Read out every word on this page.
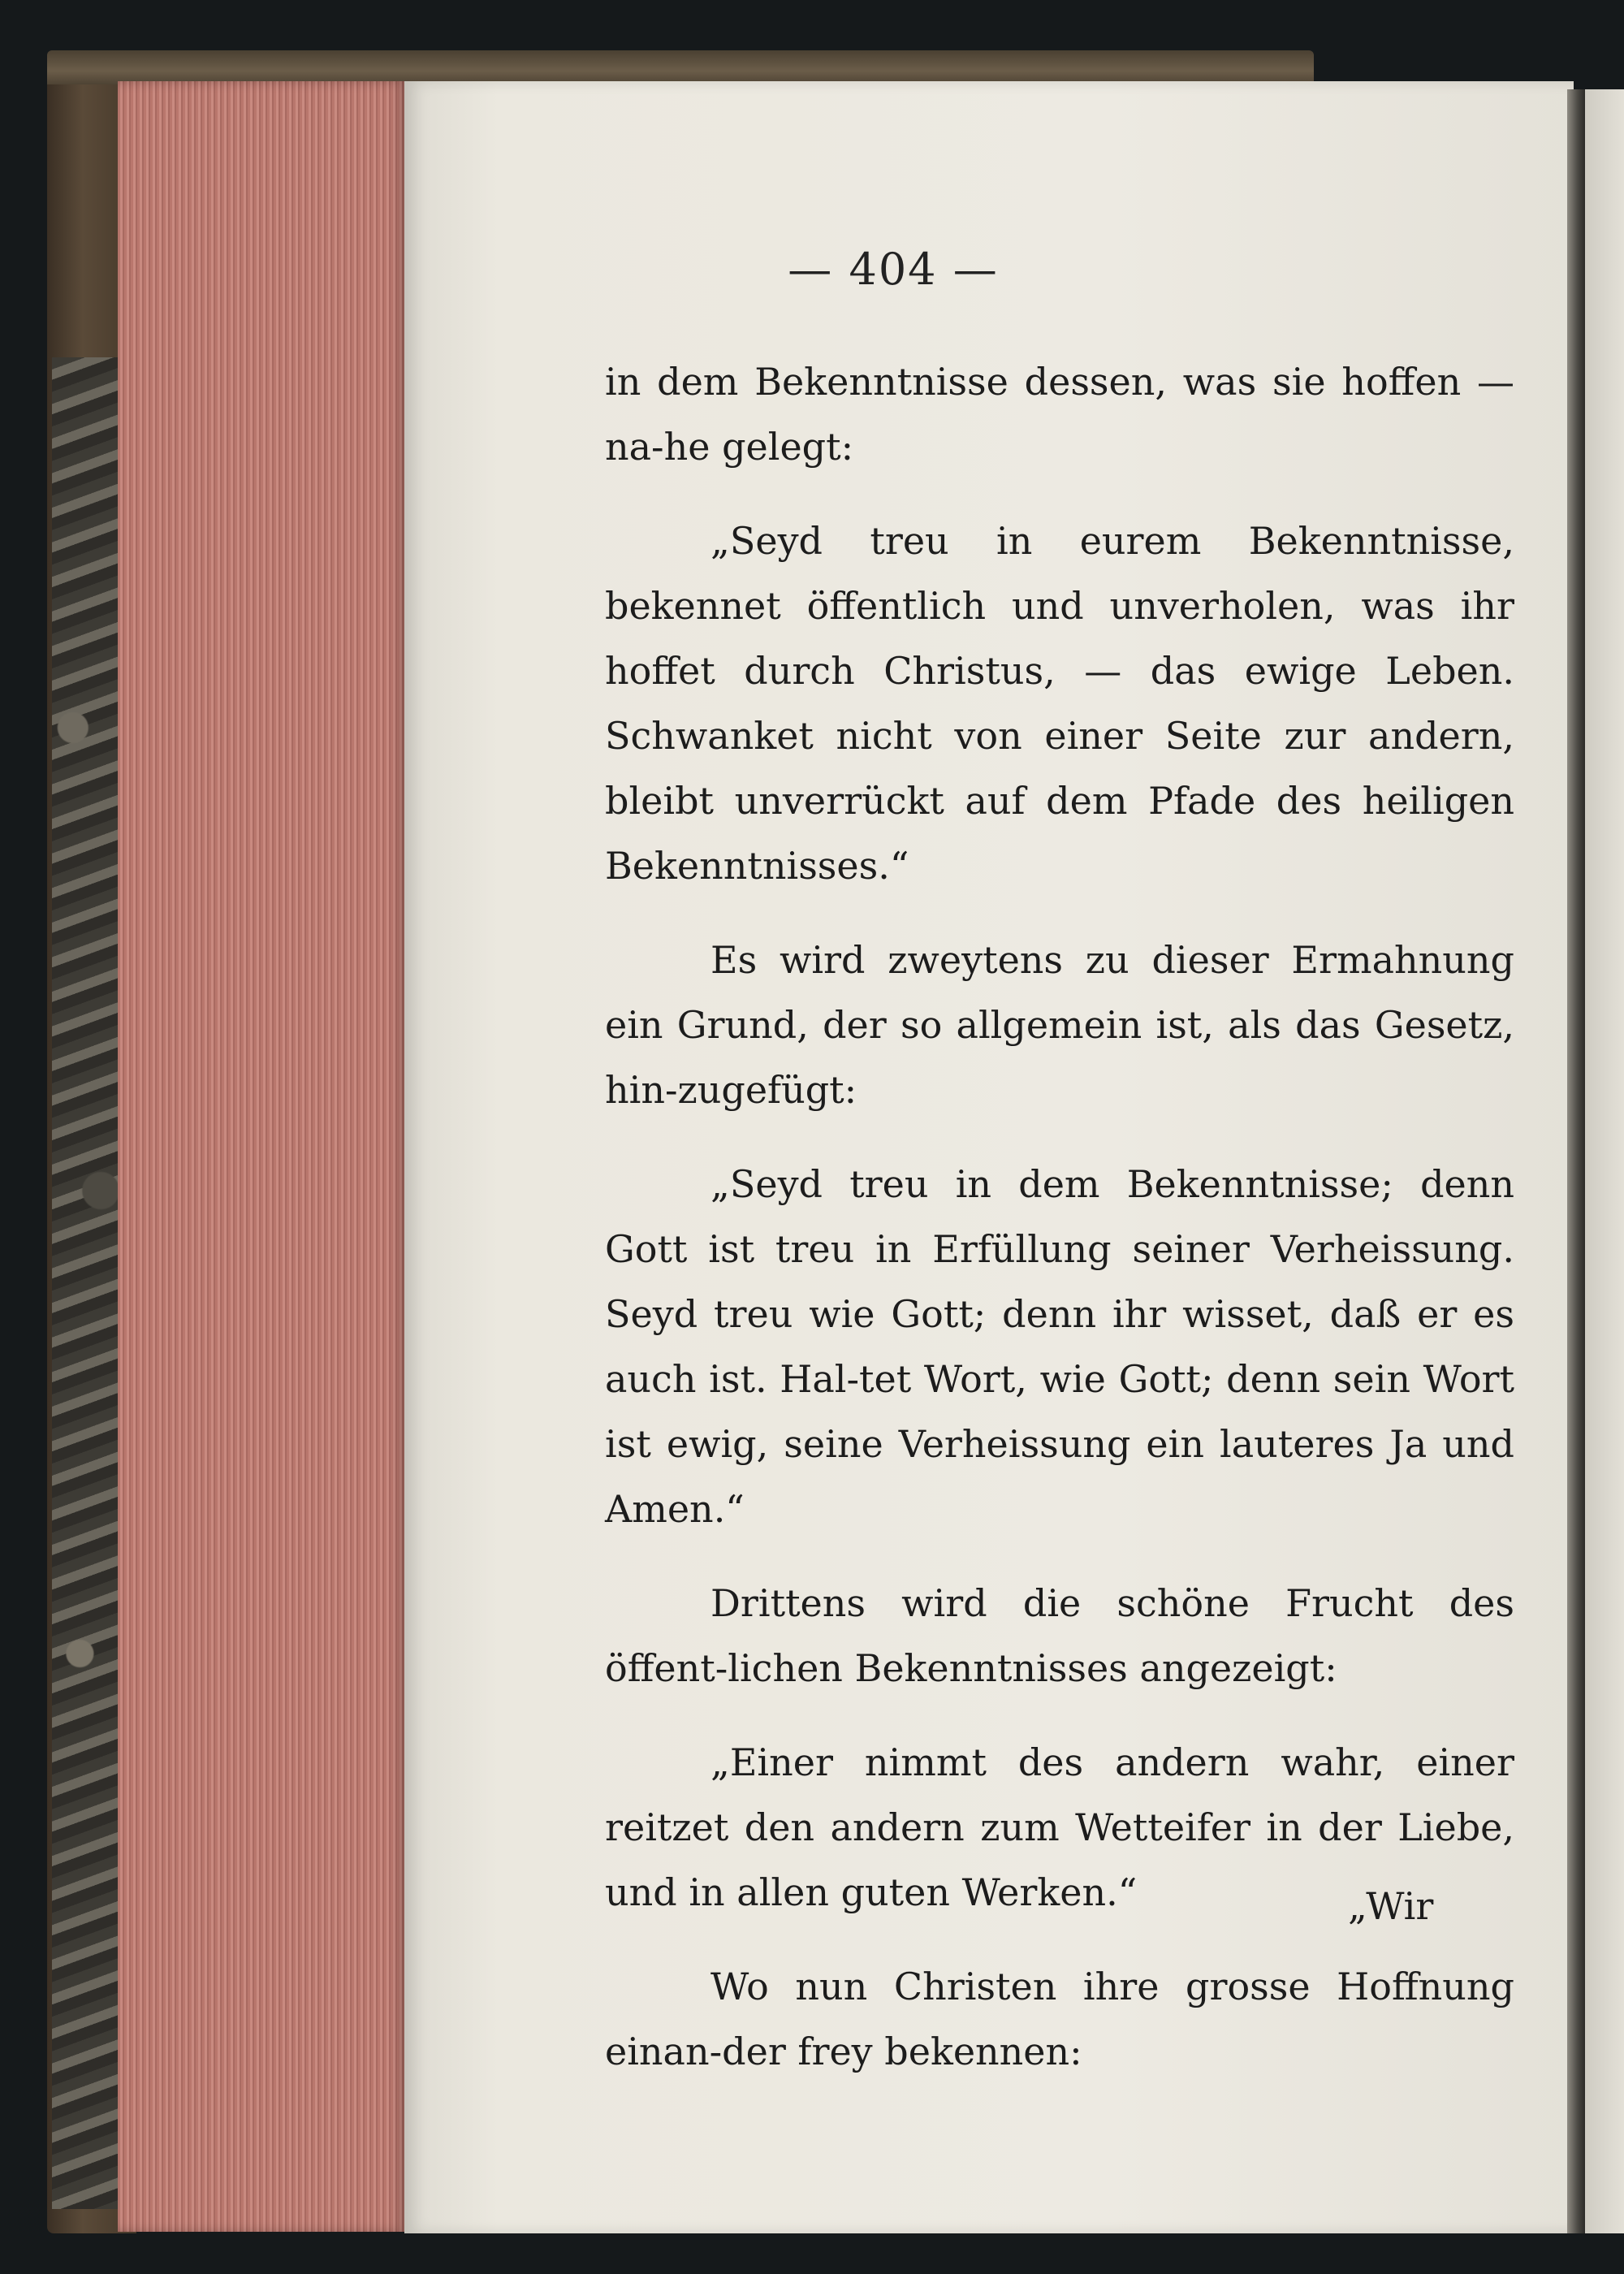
— 404 —

in dem Bekenntnisse dessen, was sie hoffen — na-he gelegt:

„Seyd treu in eurem Bekenntnisse, bekennet öffentlich und unverholen, was ihr hoffet durch Christus, — das ewige Leben. Schwanket nicht von einer Seite zur andern, bleibt unverrückt auf dem Pfade des heiligen Bekenntnisses.“

Es wird zweytens zu dieser Ermahnung ein Grund, der so allgemein ist, als das Gesetz, hin-zugefügt:

„Seyd treu in dem Bekenntnisse; denn Gott ist treu in Erfüllung seiner Verheissung. Seyd treu wie Gott; denn ihr wisset, daß er es auch ist. Hal-tet Wort, wie Gott; denn sein Wort ist ewig, seine Verheissung ein lauteres Ja und Amen.“

Drittens wird die schöne Frucht des öffent-lichen Bekenntnisses angezeigt:

„Einer nimmt des andern wahr, einer reitzet den andern zum Wetteifer in der Liebe, und in allen guten Werken.“

Wo nun Christen ihre grosse Hoffnung einan-der frey bekennen:

„Wir
